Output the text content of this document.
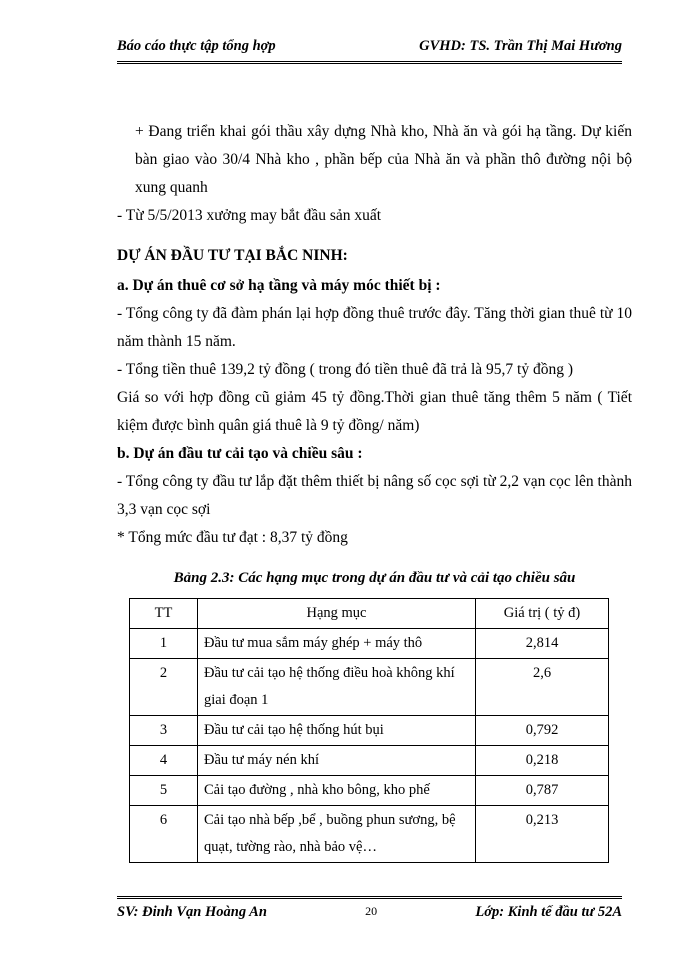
Báo cáo thực tập tổng hợp	GVHD: TS. Trần Thị Mai Hương

+ Đang triển khai gói thầu xây dựng Nhà kho, Nhà ăn và gói hạ tầng. Dự kiến bàn giao vào 30/4 Nhà kho , phần bếp của Nhà ăn và phần thô đường nội bộ xung quanh

- Từ 5/5/2013 xưởng may bắt đầu sản xuất

DỰ ÁN ĐẦU TƯ TẠI BẮC NINH:
a. Dự án thuê cơ sở hạ tầng và máy móc thiết bị :

- Tổng công ty đã đàm phán lại hợp đồng thuê trước đây. Tăng thời gian thuê từ 10 năm thành 15 năm.

- Tổng tiền thuê 139,2 tỷ đồng ( trong đó tiền thuê đã trả là 95,7 tỷ đồng )

Giá so với hợp đồng cũ giảm 45 tỷ đồng.Thời gian thuê tăng thêm 5 năm ( Tiết kiệm được bình quân giá thuê là 9 tỷ đồng/ năm)

b. Dự án đầu tư cải tạo và chiều sâu :

- Tổng công ty đầu tư lắp đặt thêm thiết bị nâng số cọc sợi từ 2,2 vạn cọc lên thành 3,3 vạn cọc sợi

* Tổng mức đầu tư đạt : 8,37 tỷ đồng

Bảng 2.3: Các hạng mục trong dự án đầu tư và cải tạo chiều sâu
TT	Hạng mục	Giá trị ( tỷ đ)
1	Đầu tư mua sắm máy ghép + máy thô	2,814
2	Đầu tư cải tạo hệ thống điều hoà không khí giai đoạn 1	2,6
3	Đầu tư cải tạo hệ thống hút bụi	0,792
4	Đầu tư máy nén khí	0,218
5	Cải tạo đường , nhà kho bông, kho phế	0,787
6	Cải tạo nhà bếp ,bể , buồng phun sương, bệ quạt, tường rào, nhà bảo vệ…	0,213
SV: Đinh Vạn Hoàng An	20	Lớp: Kinh tế đầu tư 52A
